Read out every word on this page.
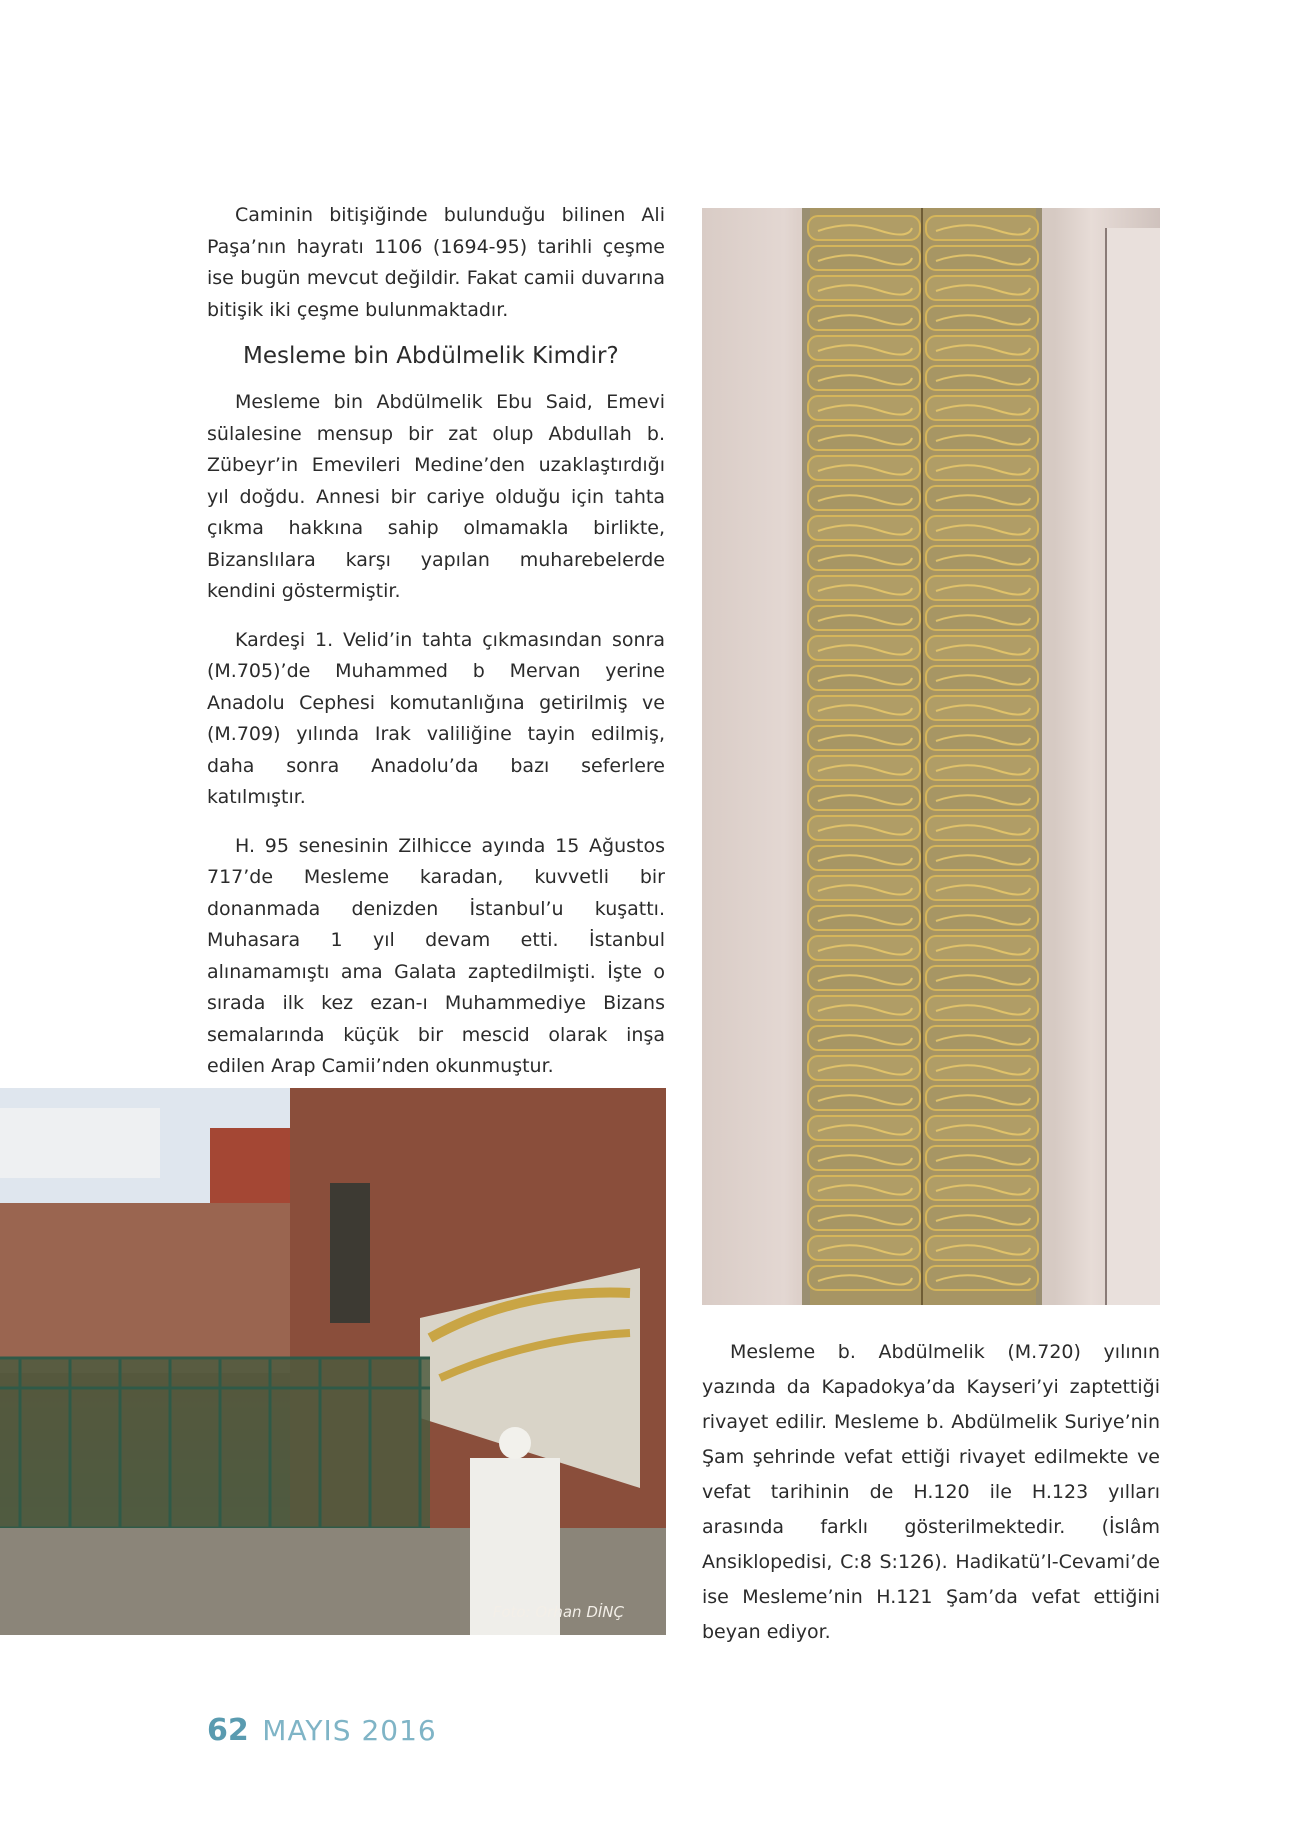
Caminin bitişiğinde bulunduğu bilinen Ali Paşa’nın hayratı 1106 (1694-95) tarihli çeşme ise bugün mevcut değildir. Fakat camii duvarına bitişik iki çeşme bulunmaktadır.

Mesleme bin Abdülmelik Kimdir?

Mesleme bin Abdülmelik Ebu Said, Emevi sülalesine mensup bir zat olup Abdullah b. Zübeyr’in Emevileri Medine’den uzaklaştırdığı yıl doğdu. Annesi bir cariye olduğu için tahta çıkma hakkına sahip olmamakla birlikte, Bizanslılara karşı yapılan muharebelerde kendini göstermiştir.

Kardeşi 1. Velid’in tahta çıkmasından sonra (M.705)’de Muhammed b Mervan yerine Anadolu Cephesi komutanlığına getirilmiş ve (M.709) yılında Irak valiliğine tayin edilmiş, daha sonra Anadolu’da bazı seferlere katılmıştır.

H. 95 senesinin Zilhicce ayında 15 Ağustos 717’de Mesleme karadan, kuvvetli bir donanmada denizden İstanbul’u kuşattı. Muhasara 1 yıl devam etti. İstanbul alınamamıştı ama Galata zaptedilmişti. İşte o sırada ilk kez ezan-ı Muhammediye Bizans semalarında küçük bir mescid olarak inşa edilen Arap Camii’nden okunmuştur.

Foto: Orhan DİNÇ

Mesleme b. Abdülmelik (M.720) yılının yazında da Kapadokya’da Kayseri’yi zaptettiği rivayet edilir. Mesleme b. Abdülmelik Suriye’nin Şam şehrinde vefat ettiği rivayet edilmekte ve vefat tarihinin de H.120 ile H.123 yılları arasında farklı gösterilmektedir. (İslâm Ansiklopedisi, C:8 S:126). Hadikatü’l-Cevami’de ise Mesleme’nin H.121 Şam’da vefat ettiğini beyan ediyor.

62 MAYIS 2016
